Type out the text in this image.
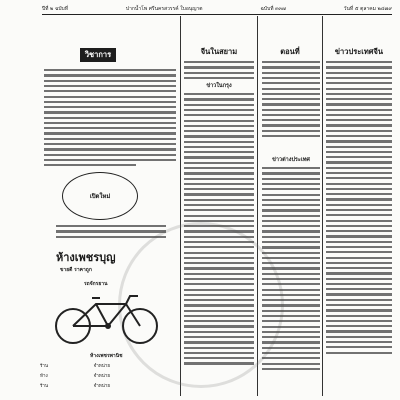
ปีที่ ๒ ฉบับที่	ปากน้ำโพ ศรีนครสวรรค์ ใบอนุญาต	ฉบับที่ ๓๓๗	วันที่ ๕ ตุลาคม ๒๔๗๙
วิชาการ
เปิดใหม่
ห้างเพชรบุญ
ขายดี ราคาถูก
รถจักรยาน
ห้างเพชรพานิช
ร้าน	จำหน่าย
ห้าง	จำหน่าย
ร้าน	จำหน่าย
จีนในสยาม
ข่าวในกรุง
ตอนที่
ข่าวต่างประเทศ
ข่าวประเทศจีน
